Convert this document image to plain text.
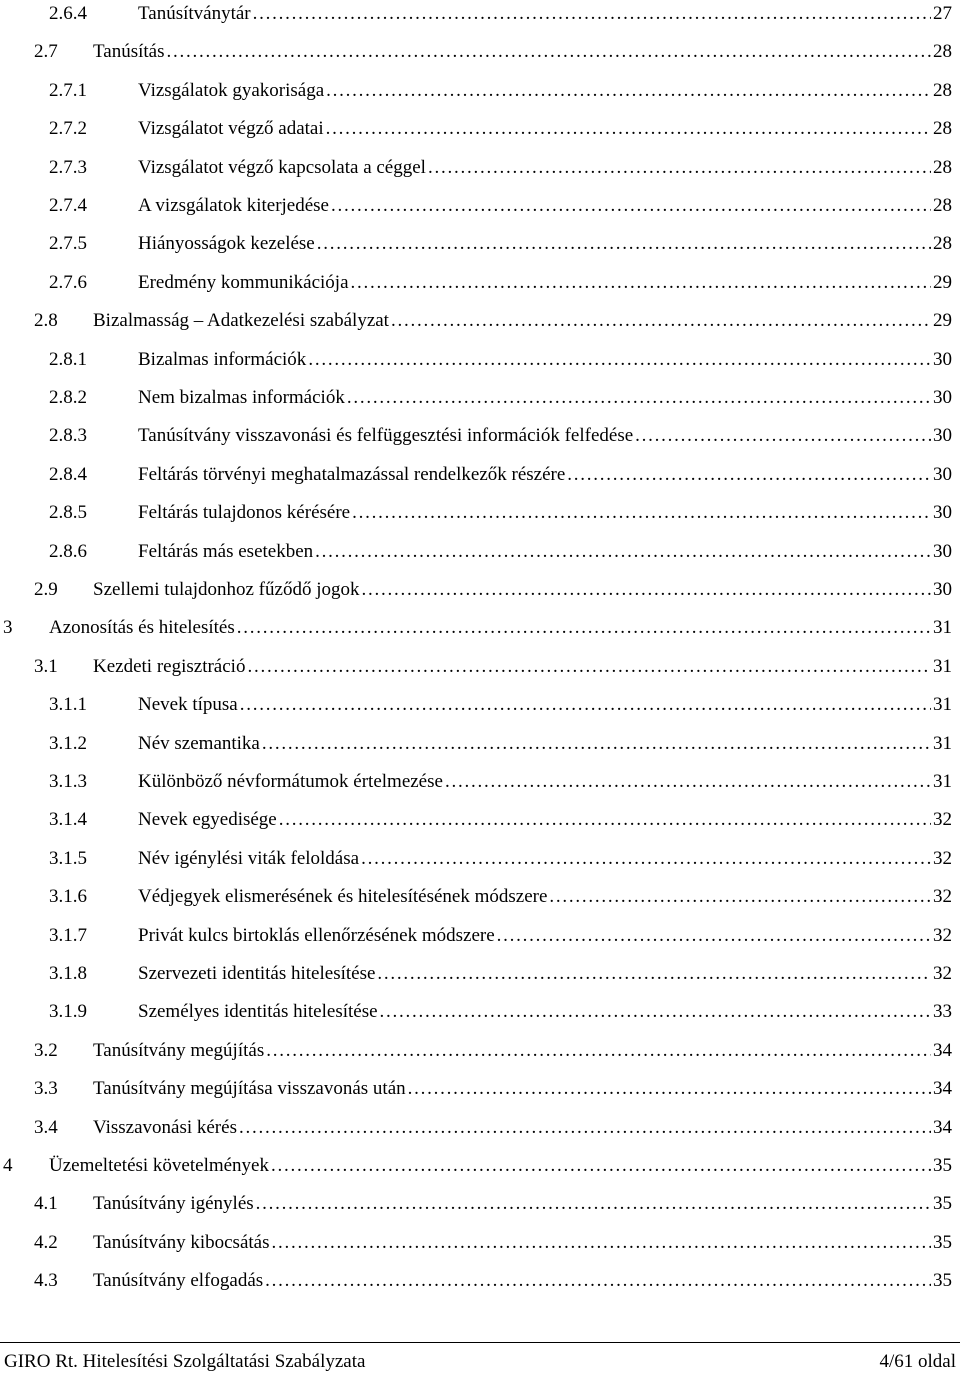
2.6.4	Tanúsítványtár . . .	27
2.7 Tanúsítás . . .	28
2.7.1	Vizsgálatok gyakorisága . . .	28
2.7.2	Vizsgálatot végző adatai . . .	28
2.7.3	Vizsgálatot végző kapcsolata a céggel . . .	28
2.7.4	A vizsgálatok kiterjedése . . .	28
2.7.5	Hiányosságok kezelése . . .	28
2.7.6	Eredmény kommunikációja . . .	29
2.8 Bizalmasság – Adatkezelési szabályzat . . .	29
2.8.1	Bizalmas információk . . .	30
2.8.2	Nem bizalmas információk . . .	30
2.8.3	Tanúsítvány visszavonási és felfüggesztési információk felfedése . . .	30
2.8.4	Feltárás törvényi meghatalmazással rendelkezők részére . . .	30
2.8.5	Feltárás tulajdonos kérésére . . .	30
2.8.6	Feltárás más esetekben . . .	30
2.9 Szellemi tulajdonhoz fűződő jogok . . .	30
3 Azonosítás és hitelesítés . . .	31
3.1 Kezdeti regisztráció . . .	31
3.1.1	Nevek típusa . . .	31
3.1.2	Név szemantika . . .	31
3.1.3	Különböző névformátumok értelmezése . . .	31
3.1.4	Nevek egyedisége . . .	32
3.1.5	Név igénylési viták feloldása . . .	32
3.1.6	Védjegyek elismerésének és hitelesítésének módszere . . .	32
3.1.7	Privát kulcs birtoklás ellenőrzésének módszere . . .	32
3.1.8	Szervezeti identitás hitelesítése . . .	32
3.1.9	Személyes identitás hitelesítése . . .	33
3.2 Tanúsítvány megújítás . . .	34
3.3 Tanúsítvány megújítása visszavonás után . . .	34
3.4 Visszavonási kérés . . .	34
4 Üzemeltetési követelmények . . .	35
4.1 Tanúsítvány igénylés . . .	35
4.2 Tanúsítvány kibocsátás . . .	35
4.3 Tanúsítvány elfogadás . . .	35
GIRO Rt. Hitelesítési Szolgáltatási Szabályzata	4/61 oldal
